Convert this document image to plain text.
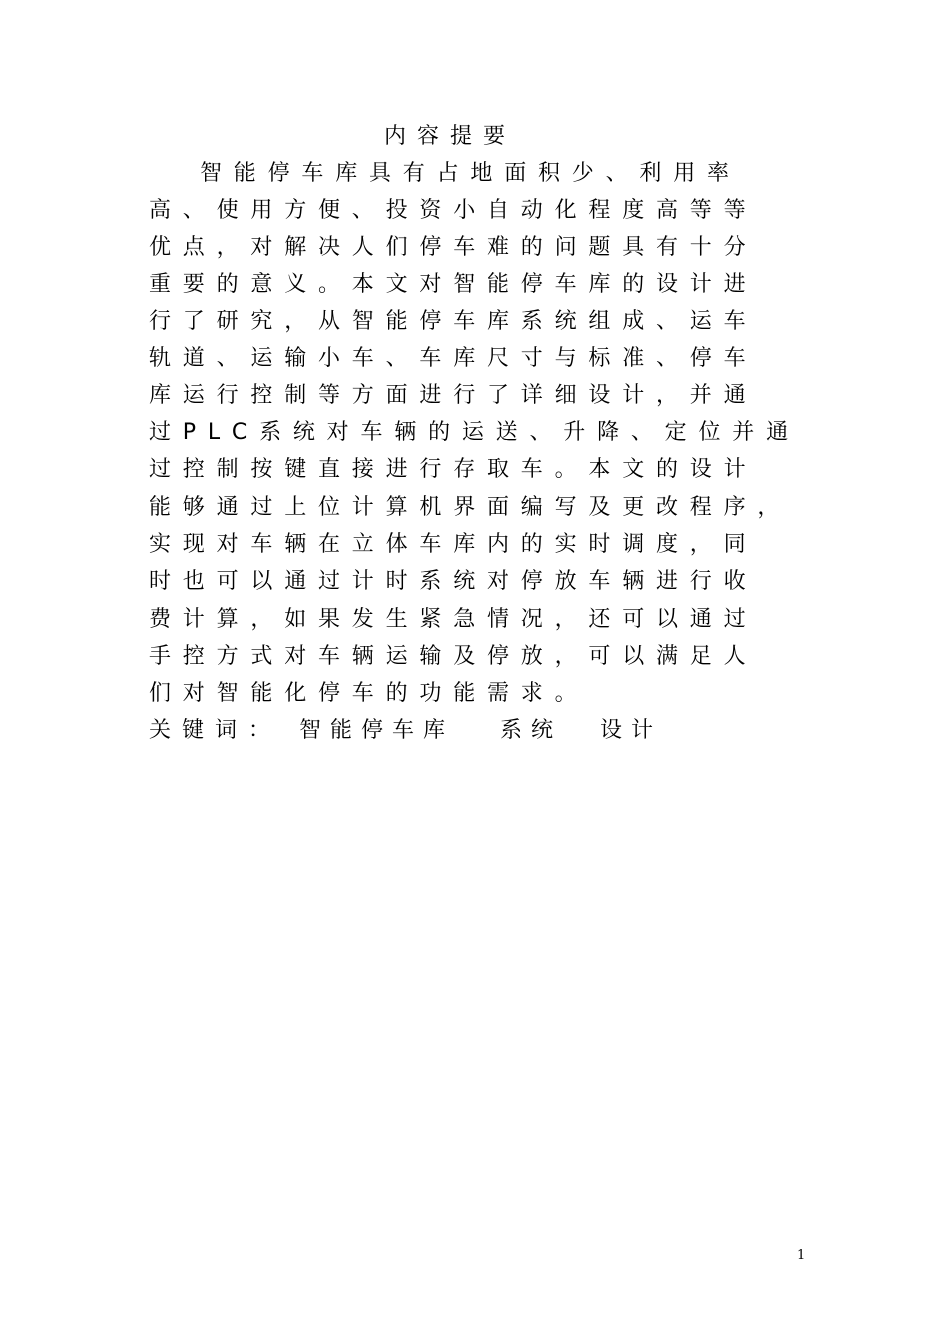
内容提要
智能停车库具有占地面积少、利用率
高、使用方便、投资小自动化程度高等等
优点，对解决人们停车难的问题具有十分
重要的意义。本文对智能停车库的设计进
行了研究，从智能停车库系统组成、运车
轨道、运输小车、车库尺寸与标准、停车
库运行控制等方面进行了详细设计，并通
过PLC系统对车辆的运送、升降、定位并通
过控制按键直接进行存取车。本文的设计
能够通过上位计算机界面编写及更改程序，
实现对车辆在立体车库内的实时调度，同
时也可以通过计时系统对停放车辆进行收
费计算，如果发生紧急情况，还可以通过
手控方式对车辆运输及停放，可以满足人
们对智能化停车的功能需求。
关键词： 智能停车库 系统 设计
1
